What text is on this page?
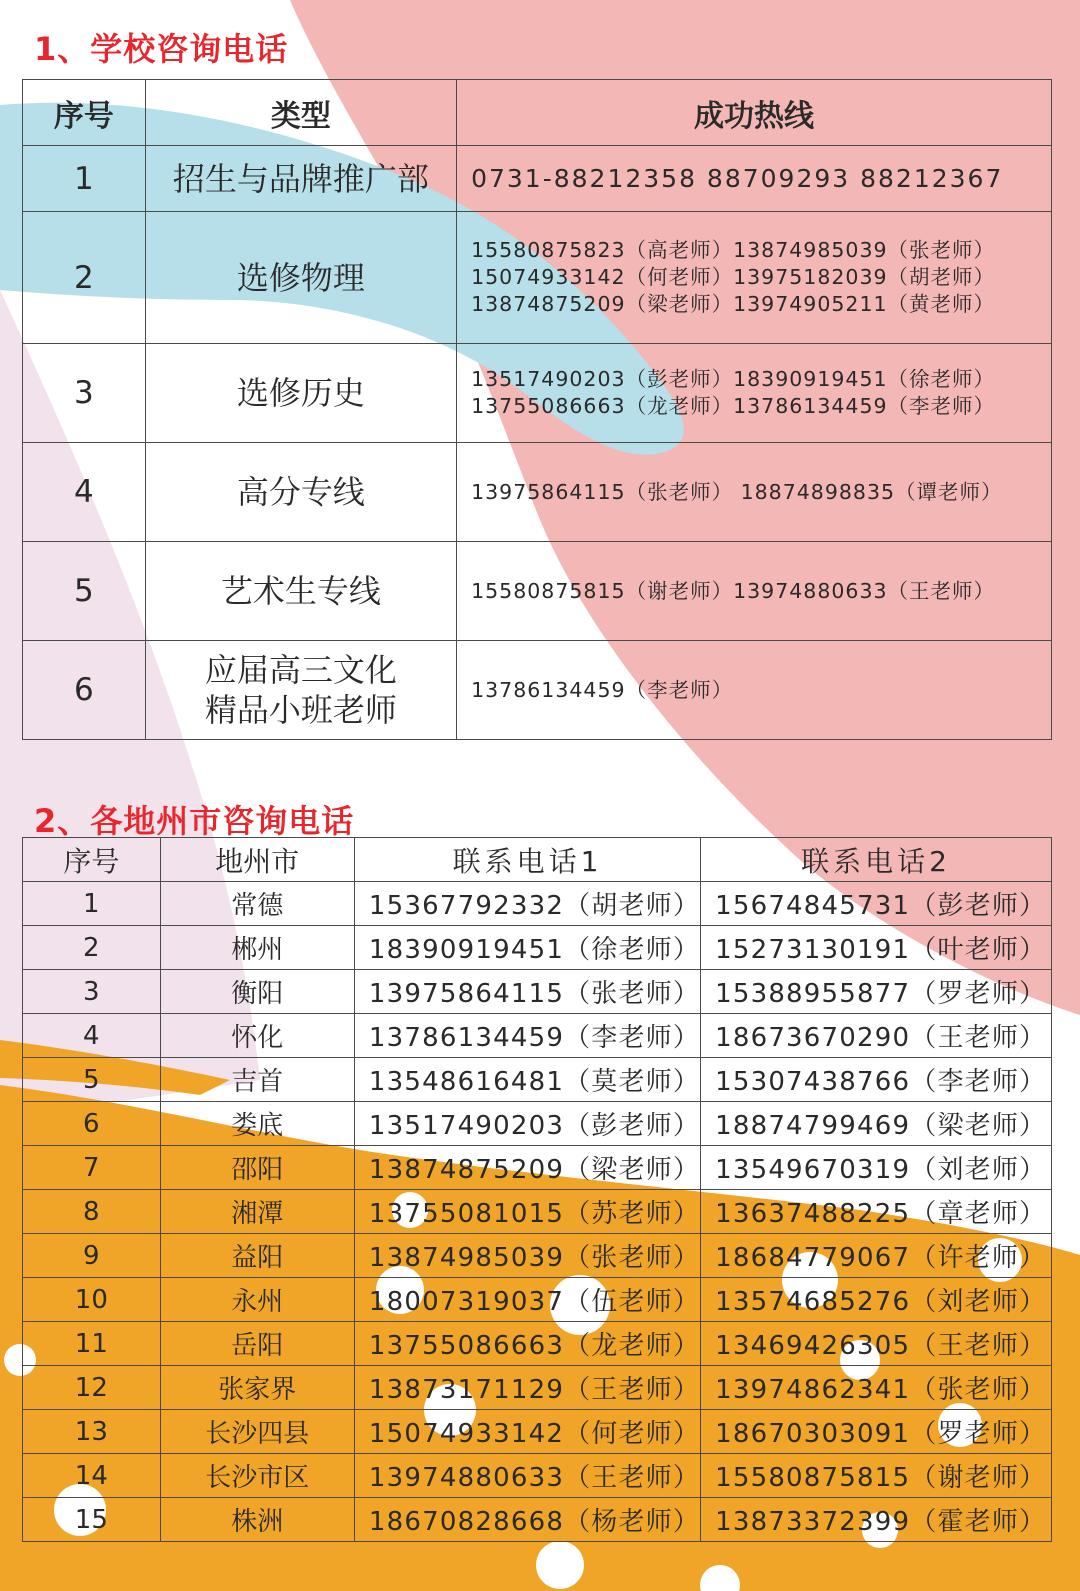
1、学校咨询电话
序号	类型	成功热线
1	招生与品牌推广部	0731-88212358 88709293 88212367
2	选修物理	15580875823（高老师）13874985039（张老师）
15074933142（何老师）13975182039（胡老师）
13874875209（梁老师）13974905211（黄老师）

3	选修历史	13517490203（彭老师）18390919451（徐老师）
13755086663（龙老师）13786134459（李老师）

4	高分专线	13975864115（张老师） 18874898835（谭老师）

5	艺术生专线	15580875815（谢老师）13974880633（王老师）

6	应届高三文化
精品小班老师	13786134459（李老师）
2、各地州市咨询电话
序号	地州市	联系电话1	联系电话2
1	常德	15367792332（胡老师）	15674845731（彭老师）
2	郴州	18390919451（徐老师）	15273130191（叶老师）
3	衡阳	13975864115（张老师）	15388955877（罗老师）
4	怀化	13786134459（李老师）	18673670290（王老师）
5	吉首	13548616481（莫老师）	15307438766（李老师）
6	娄底	13517490203（彭老师）	18874799469（梁老师）
7	邵阳	13874875209（梁老师）	13549670319（刘老师）
8	湘潭	13755081015（苏老师）	13637488225（章老师）
9	益阳	13874985039（张老师）	18684779067（许老师）
10	永州	18007319037（伍老师）	13574685276（刘老师）
11	岳阳	13755086663（龙老师）	13469426305（王老师）
12	张家界	13873171129（王老师）	13974862341（张老师）
13	长沙四县	15074933142（何老师）	18670303091（罗老师）
14	长沙市区	13974880633（王老师）	15580875815（谢老师）
15	株洲	18670828668（杨老师）	13873372399（霍老师）
